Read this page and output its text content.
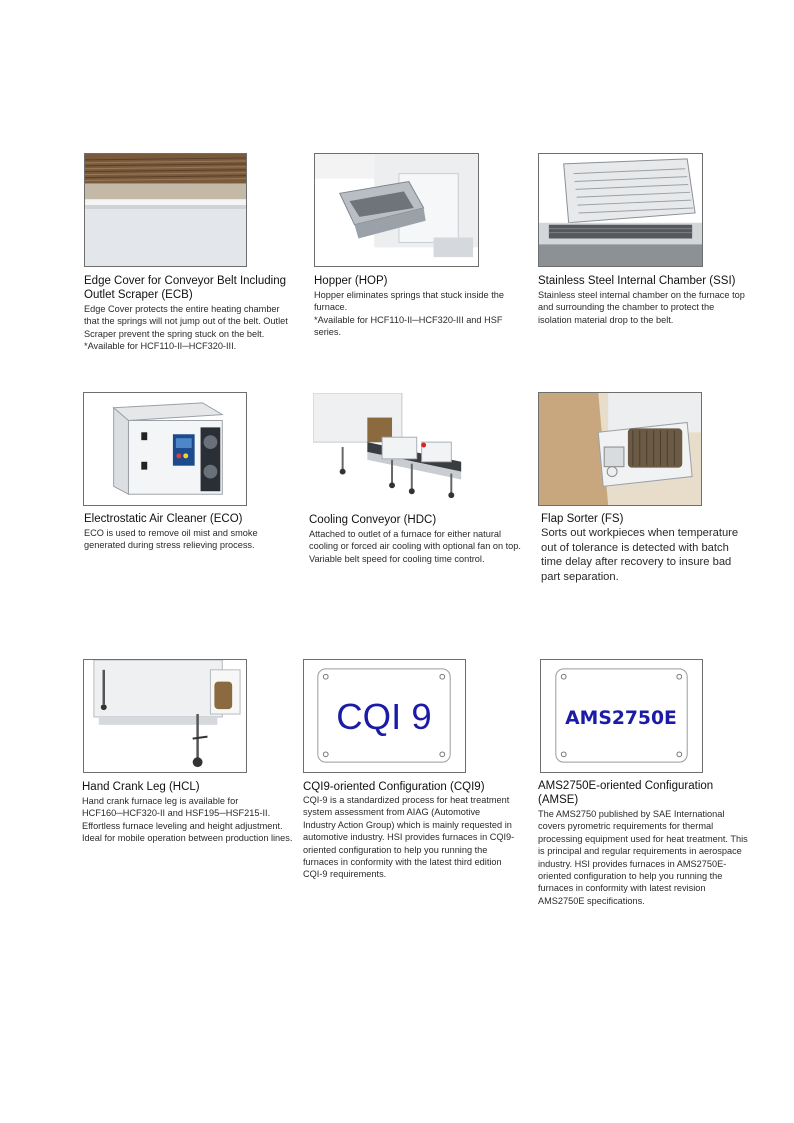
Edge Cover for Conveyor Belt Including Outlet Scraper (ECB)

Edge Cover protects the entire heating chamber that the springs will not jump out of the belt. Outlet Scraper prevent the spring stuck on the belt.

*Available for HCF110-II─HCF320-III.

Hopper (HOP)

Hopper eliminates springs that stuck inside the furnace.

*Available for HCF110-II─HCF320-III and HSF series.

Stainless Steel Internal Chamber (SSI)

Stainless steel internal chamber on the furnace top and surrounding the chamber to protect the isolation material drop to the belt.

Electrostatic Air Cleaner (ECO)

ECO is used to remove oil mist and smoke generated during stress relieving process.

Cooling Conveyor (HDC)

Attached to outlet of a furnace for either natural cooling or forced air cooling with optional fan on top. Variable belt speed for cooling time control.

Flap Sorter (FS)

Sorts out workpieces when temperature out of tolerance is detected with batch time delay after recovery to insure bad part separation.

Hand Crank Leg (HCL)

Hand crank furnace leg is available for HCF160─HCF320-II and HSF195─HSF215-II. Effortless furnace leveling and height adjustment. Ideal for mobile operation between production lines.

CQI 9
CQI9-oriented Configuration (CQI9)

CQI-9 is a standardized process for heat treatment system assessment from AIAG (Automotive Industry Action Group) which is mainly requested in automotive industry. HSI provides furnaces in CQI9-oriented configuration to help you running the furnaces in conformity with the latest third edition CQI-9 requirements.

AMS2750E
AMS2750E-oriented Configuration (AMSE)

The AMS2750 published by SAE International covers pyrometric requirements for thermal processing equipment used for heat treatment. This is principal and regular requirements in aerospace industry. HSI provides furnaces in AMS2750E-oriented configuration to help you running the furnaces in conformity with latest revision AMS2750E specifications.
